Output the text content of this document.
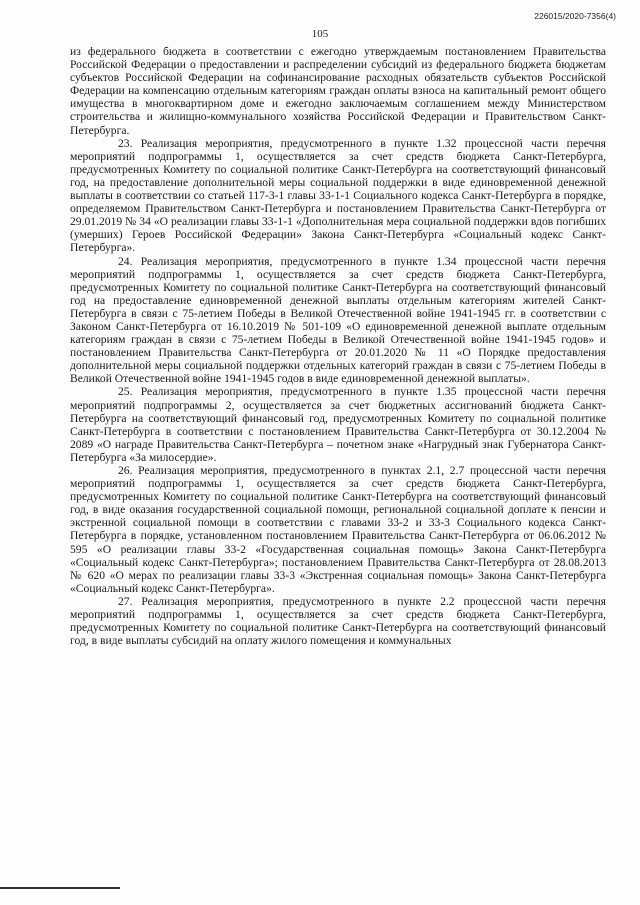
226015/2020-7356(4)
105

из федерального бюджета в соответствии с ежегодно утверждаемым постановлением Правительства Российской Федерации о предоставлении и распределении субсидий из федерального бюджета бюджетам субъектов Российской Федерации на софинансирование расходных обязательств субъектов Российской Федерации на компенсацию отдельным категориям граждан оплаты взноса на капитальный ремонт общего имущества в многоквартирном доме и ежегодно заключаемым соглашением между Министерством строительства и жилищно-коммунального хозяйства Российской Федерации и Правительством Санкт-Петербурга.

23. Реализация мероприятия, предусмотренного в пункте 1.32 процессной части перечня мероприятий подпрограммы 1, осуществляется за счет средств бюджета Санкт-Петербурга, предусмотренных Комитету по социальной политике Санкт-Петербурга на соответствующий финансовый год, на предоставление дополнительной меры социальной поддержки в виде единовременной денежной выплаты в соответствии со статьей 117-3-1 главы 33-1-1 Социального кодекса Санкт-Петербурга в порядке, определяемом Правительством Санкт-Петербурга и постановлением Правительства Санкт-Петербурга от 29.01.2019 № 34 «О реализации главы 33-1-1 «Дополнительная мера социальной поддержки вдов погибших (умерших) Героев Российской Федерации» Закона Санкт-Петербурга «Социальный кодекс Санкт-Петербурга».

24. Реализация мероприятия, предусмотренного в пункте 1.34 процессной части перечня мероприятий подпрограммы 1, осуществляется за счет средств бюджета Санкт-Петербурга, предусмотренных Комитету по социальной политике Санкт-Петербурга на соответствующий финансовый год на предоставление единовременной денежной выплаты отдельным категориям жителей Санкт-Петербурга в связи с 75-летием Победы в Великой Отечественной войне 1941-1945 гг. в соответствии с Законом Санкт-Петербурга от 16.10.2019 № 501-109 «О единовременной денежной выплате отдельным категориям граждан в связи с 75-летием Победы в Великой Отечественной войне 1941-1945 годов» и постановлением Правительства Санкт-Петербурга от 20.01.2020 № 11 «О Порядке предоставления дополнительной меры социальной поддержки отдельных категорий граждан в связи с 75-летием Победы в Великой Отечественной войне 1941-1945 годов в виде единовременной денежной выплаты».

25. Реализация мероприятия, предусмотренного в пункте 1.35 процессной части перечня мероприятий подпрограммы 2, осуществляется за счет бюджетных ассигнований бюджета Санкт-Петербурга на соответствующий финансовый год, предусмотренных Комитету по социальной политике Санкт-Петербурга в соответствии с постановлением Правительства Санкт-Петербурга от 30.12.2004 № 2089 «О награде Правительства Санкт-Петербурга – почетном знаке «Нагрудный знак Губернатора Санкт-Петербурга «За милосердие».

26. Реализация мероприятия, предусмотренного в пунктах 2.1, 2.7 процессной части перечня мероприятий подпрограммы 1, осуществляется за счет средств бюджета Санкт-Петербурга, предусмотренных Комитету по социальной политике Санкт-Петербурга на соответствующий финансовый год, в виде оказания государственной социальной помощи, региональной социальной доплате к пенсии и экстренной социальной помощи в соответствии с главами 33-2 и 33-3 Социального кодекса Санкт-Петербурга в порядке, установленном постановлением Правительства Санкт-Петербурга от 06.06.2012 № 595 «О реализации главы 33-2 «Государственная социальная помощь» Закона Санкт-Петербурга «Социальный кодекс Санкт-Петербурга»; постановлением Правительства Санкт-Петербурга от 28.08.2013 № 620 «О мерах по реализации главы 33-3 «Экстренная социальная помощь» Закона Санкт-Петербурга «Социальный кодекс Санкт-Петербурга».

27. Реализация мероприятия, предусмотренного в пункте 2.2 процессной части перечня мероприятий подпрограммы 1, осуществляется за счет средств бюджета Санкт-Петербурга, предусмотренных Комитету по социальной политике Санкт-Петербурга на соответствующий финансовый год, в виде выплаты субсидий на оплату жилого помещения и коммунальных
